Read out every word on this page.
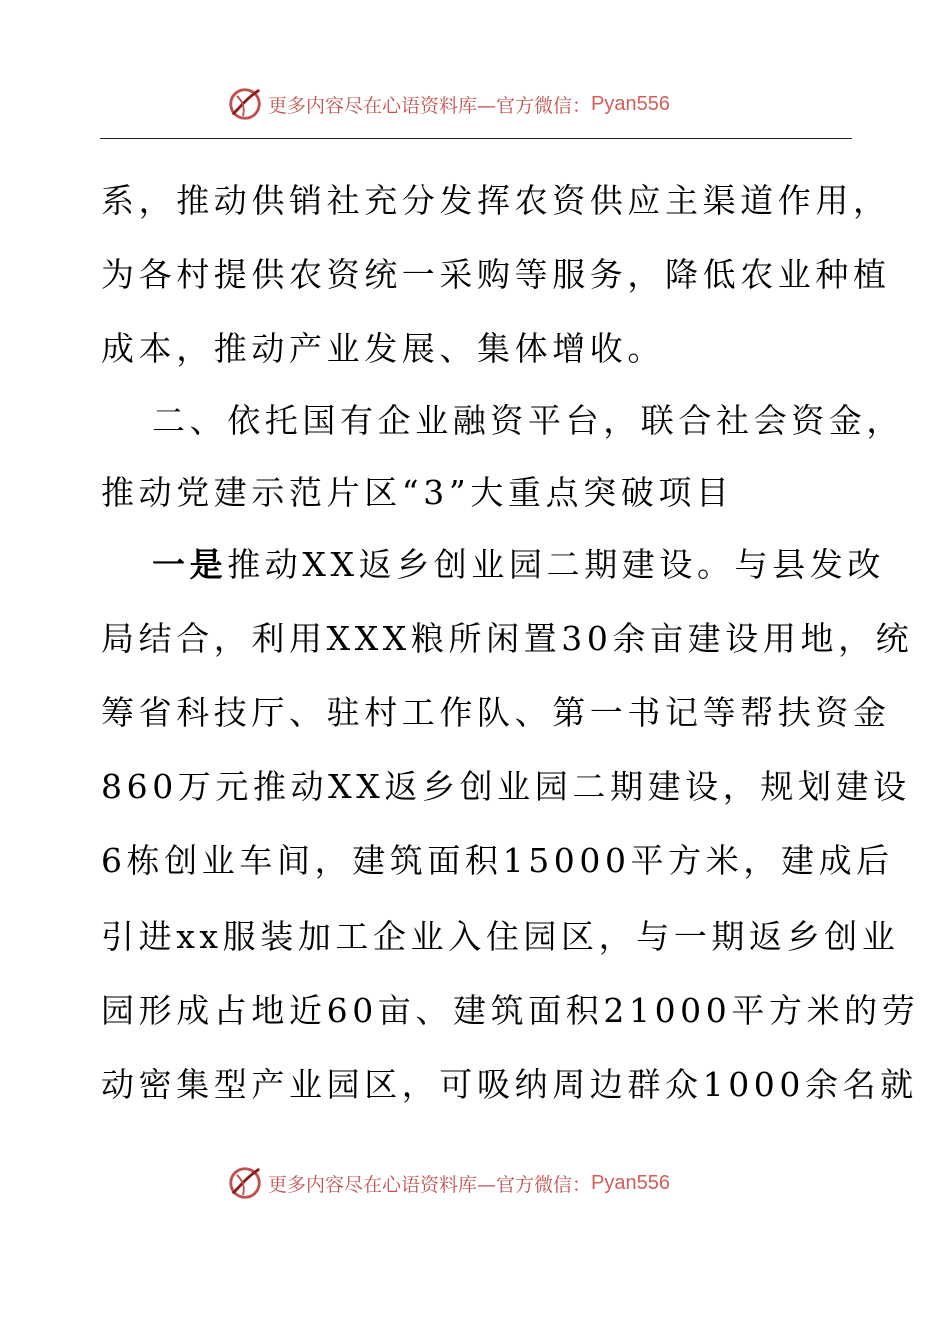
更多内容尽在心语资料库—官方微信： Pyan556
系，推动供销社充分发挥农资供应主渠道作用，
为各村提供农资统一采购等服务，降低农业种植
成本，推动产业发展、集体增收。
二、依托国有企业融资平台，联合社会资金，
推动党建示范片区“3”大重点突破项目
一是推动XX返乡创业园二期建设。与县发改
局结合，利用XXX粮所闲置30余亩建设用地，统
筹省科技厅、驻村工作队、第一书记等帮扶资金
860万元推动XX返乡创业园二期建设，规划建设
6栋创业车间，建筑面积15000平方米，建成后
引进xx服装加工企业入住园区，与一期返乡创业
园形成占地近60亩、建筑面积21000平方米的劳
动密集型产业园区，可吸纳周边群众1000余名就
更多内容尽在心语资料库—官方微信： Pyan556
